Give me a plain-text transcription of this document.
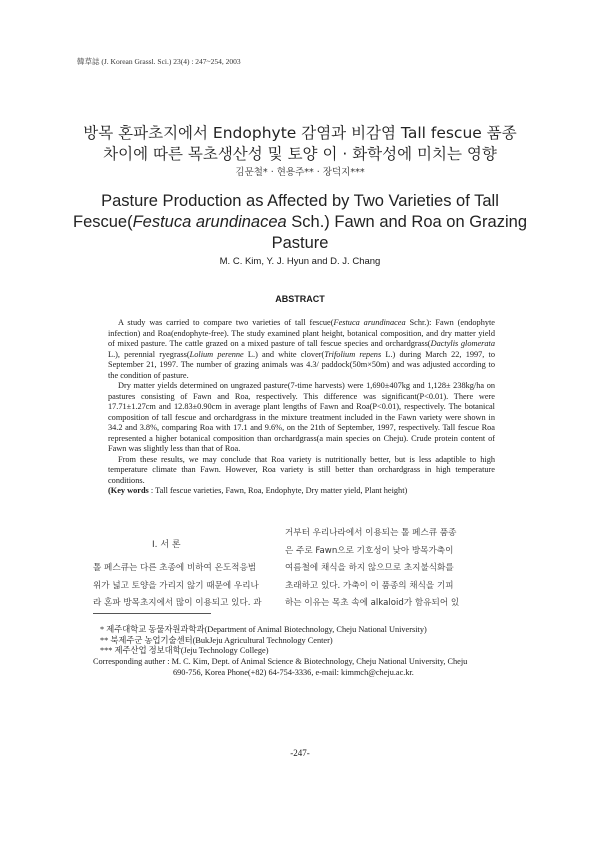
韓草誌 (J. Korean Grassl. Sci.) 23(4) : 247~254, 2003
방목 혼파초지에서 Endophyte 감염과 비감염 Tall fescue 품종
차이에 따른 목초생산성 및 토양 이 · 화학성에 미치는 영향
김문철* · 현용주** · 장덕지***
Pasture Production as Affected by Two Varieties of Tall
Fescue(Festuca arundinacea Sch.) Fawn and Roa on Grazing
Pasture
M. C. Kim, Y. J. Hyun and D. J. Chang
ABSTRACT

A study was carried to compare two varieties of tall fescue(Festuca arundinacea Schr.): Fawn (endophyte infection) and Roa(endophyte-free). The study examined plant height, botanical composition, and dry matter yield of mixed pasture. The cattle grazed on a mixed pasture of tall fescue species and orchardgrass(Dactylis glomerata L.), perennial ryegrass(Lolium perenne L.) and white clover(Trifolium repens L.) during March 22, 1997, to September 21, 1997. The number of grazing animals was 4.3/ paddock(50m×50m) and was adjusted according to the condition of pasture.

Dry matter yields determined on ungrazed pasture(7-time harvests) were 1,690±407kg and 1,128± 238kg/ha on pastures consisting of Fawn and Roa, respectively. This difference was significant(P<0.01). There were 17.71±1.27cm and 12.83±0.90cm in average plant lengths of Fawn and Roa(P<0.01), respectively. The botanical composition of tall fescue and orchardgrass in the mixture treatment included in the Fawn variety were shown in 34.2 and 3.8%, comparing Roa with 17.1 and 9.6%, on the 21th of September, 1997, respectively. Tall fescue Roa represented a higher botanical composition than orchardgrass(a main species on Cheju). Crude protein content of Fawn was slightly less than that of Roa.

From these results, we may conclude that Roa variety is nutritionally better, but is less adaptible to high temperature climate than Fawn. However, Roa variety is still better than orchardgrass in high temperature conditions.

(Key words : Tall fescue varieties, Fawn, Roa, Endophyte, Dry matter yield, Plant height)

Ⅰ. 서 론
톨 페스큐는 다른 초종에 비하여 온도적응범
위가 넓고 토양을 가리지 않기 때문에 우리나
라 혼파 방목초지에서 많이 이용되고 있다. 과
거부터 우리나라에서 이용되는 톨 페스큐 품종
은 주로 Fawn으로 기호성이 낮아 방목가축이
여름철에 채식을 하지 않으므로 초지불식화를
초래하고 있다. 가축이 이 품종의 채식을 기피
하는 이유는 목초 속에 alkaloid가 함유되어 있
* 제주대학교 동물자원과학과(Department of Animal Biotechnology, Cheju National University)
** 북제주군 농업기술센터(BukJeju Agricultural Technology Center)
*** 제주산업 정보대학(Jeju Technology College)
Corresponding auther : M. C. Kim, Dept. of Animal Science & Biotechnology, Cheju National University, Cheju
690-756, Korea Phone(+82) 64-754-3336, e-mail: kimmch@cheju.ac.kr.
-247-
